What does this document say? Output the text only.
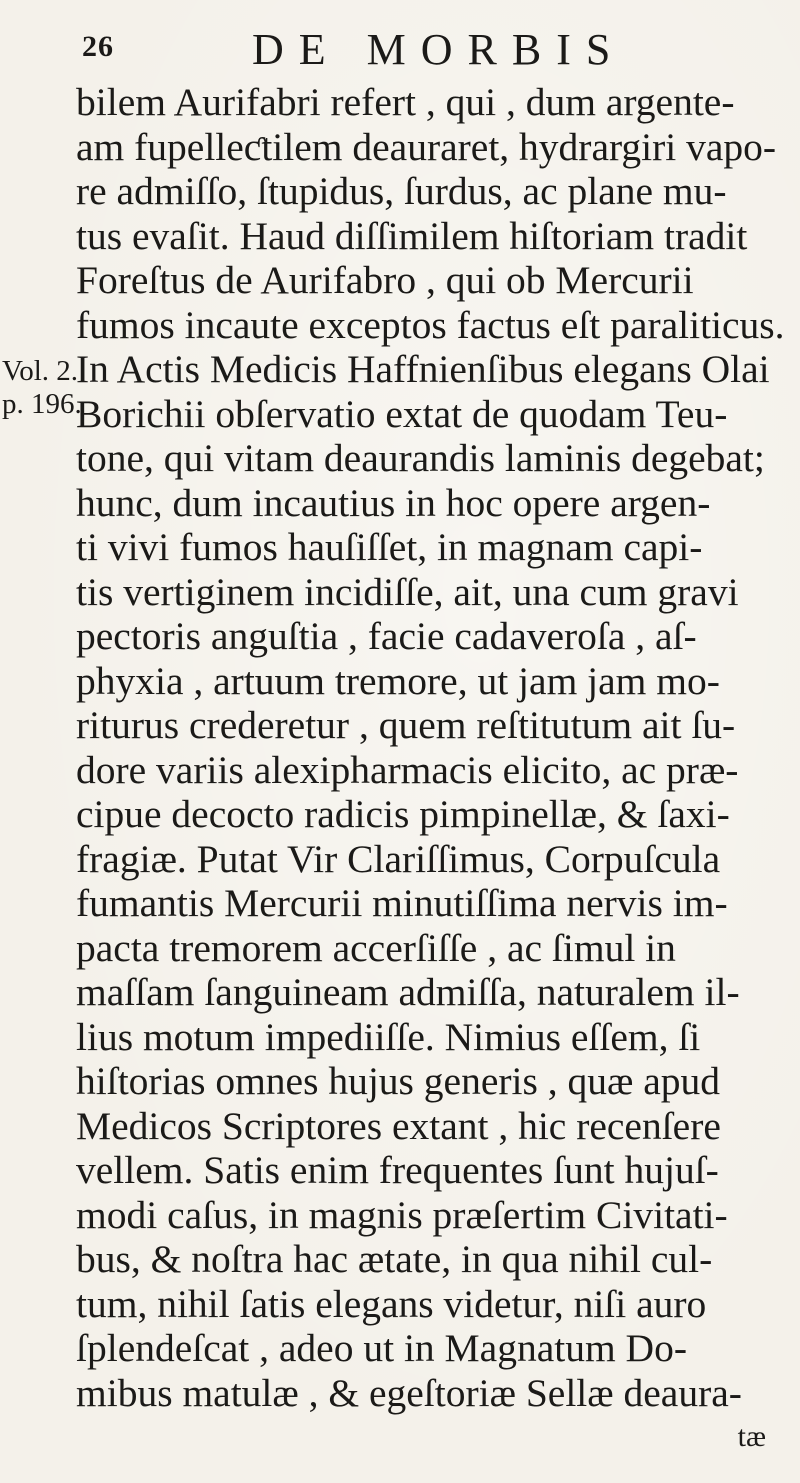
26	DE MORBIS
Vol. 2.
p. 196.
bilem Aurifabri refert , qui , dum argente-
am fupelleƈtilem deauraret, hydrargiri vapo-
re admiſſo, ſtupidus, ſurdus, ac plane mu-
tus evaſit. Haud diſſimilem hiſtoriam tradit
Foreſtus de Aurifabro , qui ob Mercurii
fumos incaute exceptos factus eſt paraliticus.
In Actis Medicis Haffnienſibus elegans Olai
Borichii obſervatio extat de quodam Teu-
tone, qui vitam deaurandis laminis degebat;
hunc, dum incautius in hoc opere argen-
ti vivi fumos hauſiſſet, in magnam capi-
tis vertiginem incidiſſe, ait, una cum gravi
pectoris anguſtia , facie cadaveroſa , aſ-
phyxia , artuum tremore, ut jam jam mo-
riturus crederetur , quem reſtitutum ait ſu-
dore variis alexipharmacis elicito, ac præ-
cipue decocto radicis pimpinellæ, & ſaxi-
fragiæ. Putat Vir Clariſſimus, Corpuſcula
fumantis Mercurii minutiſſima nervis im-
pacta tremorem accerſiſſe , ac ſimul in
maſſam ſanguineam admiſſa, naturalem il-
lius motum impediiſſe. Nimius eſſem, ſi
hiſtorias omnes hujus generis , quæ apud
Medicos Scriptores extant , hic recenſere
vellem. Satis enim frequentes ſunt hujuſ-
modi caſus, in magnis præſertim Civitati-
bus, & noſtra hac ætate, in qua nihil cul-
tum, nihil ſatis elegans videtur, niſi auro
ſplendeſcat , adeo ut in Magnatum Do-
mibus matulæ , & egeſtoriæ Sellæ deaura-
tæ
